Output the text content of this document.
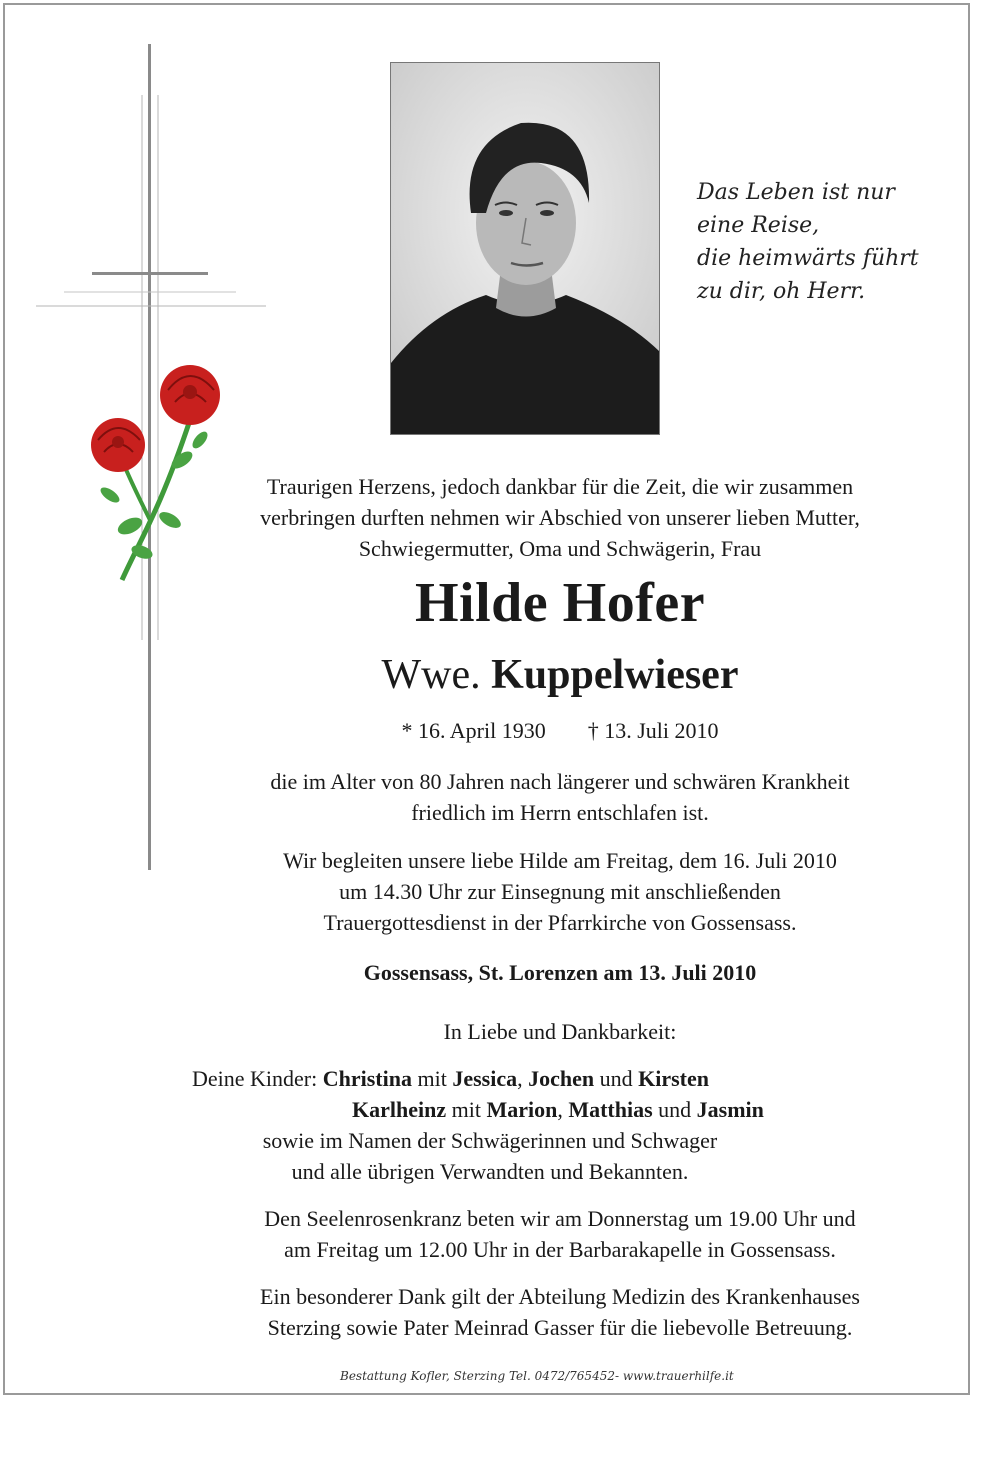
Das Leben ist nur
eine Reise,
die heimwärts führt
zu dir, oh Herr.
Traurigen Herzens, jedoch dankbar für die Zeit, die wir zusammen
verbringen durften nehmen wir Abschied von unserer lieben Mutter,
Schwiegermutter, Oma und Schwägerin, Frau
Hilde Hofer
Wwe. Kuppelwieser
* 16. April 1930 † 13. Juli 2010
die im Alter von 80 Jahren nach längerer und schwären Krankheit
friedlich im Herrn entschlafen ist.
Wir begleiten unsere liebe Hilde am Freitag, dem 16. Juli 2010
um 14.30 Uhr zur Einsegnung mit anschließenden
Trauergottesdienst in der Pfarrkirche von Gossensass.
Gossensass, St. Lorenzen am 13. Juli 2010
In Liebe und Dankbarkeit:
Deine Kinder: Christina mit Jessica, Jochen und Kirsten
Karlheinz mit Marion, Matthias und Jasmin
sowie im Namen der Schwägerinnen und Schwager
und alle übrigen Verwandten und Bekannten.
Den Seelenrosenkranz beten wir am Donnerstag um 19.00 Uhr und
am Freitag um 12.00 Uhr in der Barbarakapelle in Gossensass.
Ein besonderer Dank gilt der Abteilung Medizin des Krankenhauses
Sterzing sowie Pater Meinrad Gasser für die liebevolle Betreuung.
Bestattung Kofler, Sterzing Tel. 0472/765452- www.trauerhilfe.it
